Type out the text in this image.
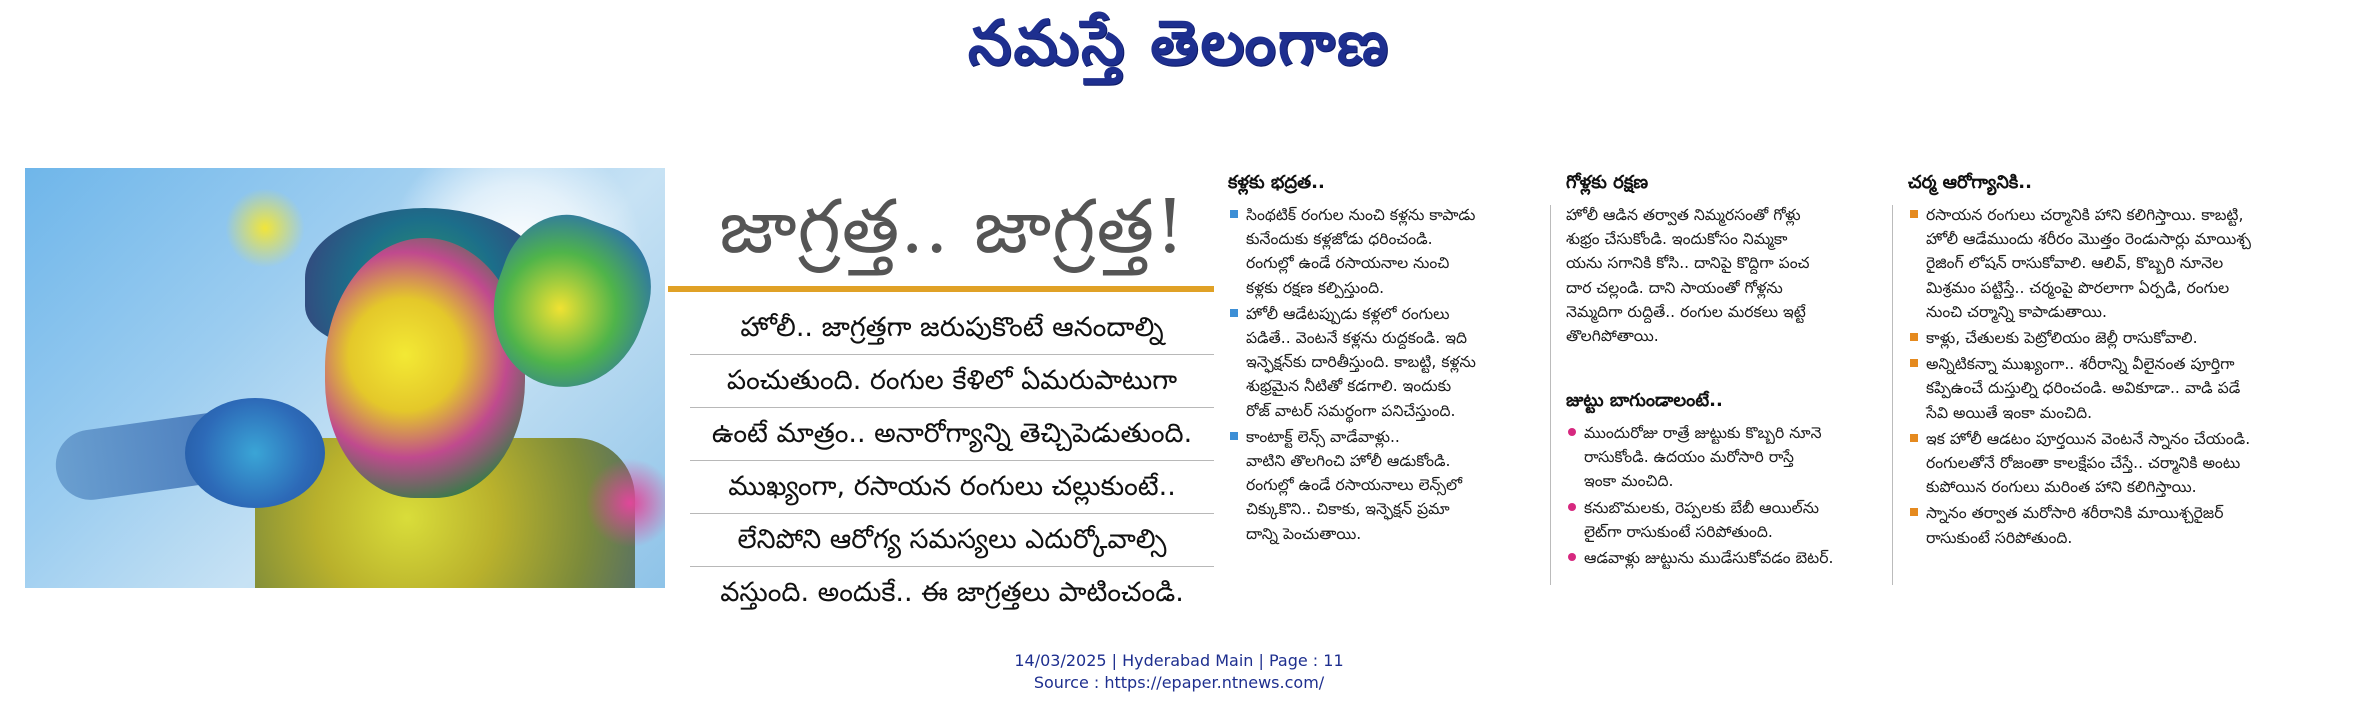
నమస్తే తెలంగాణ
జాగ్రత్త.. జాగ్రత్త!
హోలీ.. జాగ్రత్తగా జరుపుకొంటే ఆనందాల్ని
పంచుతుంది. రంగుల కేళిలో ఏమరుపాటుగా
ఉంటే మాత్రం.. అనారోగ్యాన్ని తెచ్చిపెడుతుంది.
ముఖ్యంగా, రసాయన రంగులు చల్లుకుంటే..
లేనిపోని ఆరోగ్య సమస్యలు ఎదుర్కోవాల్సి
వస్తుంది. అందుకే.. ఈ జాగ్రత్తలు పాటించండి.
కళ్లకు భద్రత..
సింథటిక్ రంగుల నుంచి కళ్లను కాపాడు
కునేందుకు కళ్లజోడు ధరించండి.
రంగుల్లో ఉండే రసాయనాల నుంచి
కళ్లకు రక్షణ కల్పిస్తుంది.
హోలీ ఆడేటప్పుడు కళ్లలో రంగులు
పడితే.. వెంటనే కళ్లను రుద్దకండి. ఇది
ఇన్ఫెక్షన్‌కు దారితీస్తుంది. కాబట్టి, కళ్లను
శుభ్రమైన నీటితో కడగాలి. ఇందుకు
రోజ్ వాటర్ సమర్థంగా పనిచేస్తుంది.
కాంటాక్ట్ లెన్స్ వాడేవాళ్లు..
వాటిని తొలగించి హోలీ ఆడుకోండి.
రంగుల్లో ఉండే రసాయనాలు లెన్స్‌లో
చిక్కుకొని.. చికాకు, ఇన్ఫెక్షన్ ప్రమా
దాన్ని పెంచుతాయి.
గోళ్లకు రక్షణ

హోలీ ఆడిన తర్వాత నిమ్మరసంతో గోళ్లు

శుభ్రం చేసుకోండి. ఇందుకోసం నిమ్మకా

యను సగానికి కోసి.. దానిపై కొద్దిగా పంచ

దార చల్లండి. దాని సాయంతో గోళ్లను

నెమ్మదిగా రుద్దితే.. రంగుల మరకలు ఇట్టే

తొలగిపోతాయి.

జుట్టు బాగుండాలంటే..
ముందురోజు రాత్రే జుట్టుకు కొబ్బరి నూనె
రాసుకోండి. ఉదయం మరోసారి రాస్తే
ఇంకా మంచిది.
కనుబొమలకు, రెప్పలకు బేబీ ఆయిల్‌ను
లైట్‌గా రాసుకుంటే సరిపోతుంది.
ఆడవాళ్లు జుట్టును ముడేసుకోవడం బెటర్.
చర్మ ఆరోగ్యానికి..
రసాయన రంగులు చర్మానికి హాని కలిగిస్తాయి. కాబట్టి,
హోలీ ఆడేముందు శరీరం మొత్తం రెండుసార్లు మాయిశ్చ
రైజింగ్ లోషన్ రాసుకోవాలి. ఆలివ్, కొబ్బరి నూనెల
మిశ్రమం పట్టిస్తే.. చర్మంపై పొరలాగా ఏర్పడి, రంగుల
నుంచి చర్మాన్ని కాపాడుతాయి.
కాళ్లు, చేతులకు పెట్రోలియం జెల్లీ రాసుకోవాలి.
అన్నిటికన్నా ముఖ్యంగా.. శరీరాన్ని వీలైనంత పూర్తిగా
కప్పిఉంచే దుస్తుల్ని ధరించండి. అవికూడా.. వాడి పడే
సేవి అయితే ఇంకా మంచిది.
ఇక హోలీ ఆడటం పూర్తయిన వెంటనే స్నానం చేయండి.
రంగులతోనే రోజంతా కాలక్షేపం చేస్తే.. చర్మానికి అంటు
కుపోయిన రంగులు మరింత హాని కలిగిస్తాయి.
స్నానం తర్వాత మరోసారి శరీరానికి మాయిశ్చరైజర్
రాసుకుంటే సరిపోతుంది.
14/03/2025 | Hyderabad Main | Page : 11
Source : https://epaper.ntnews.com/
